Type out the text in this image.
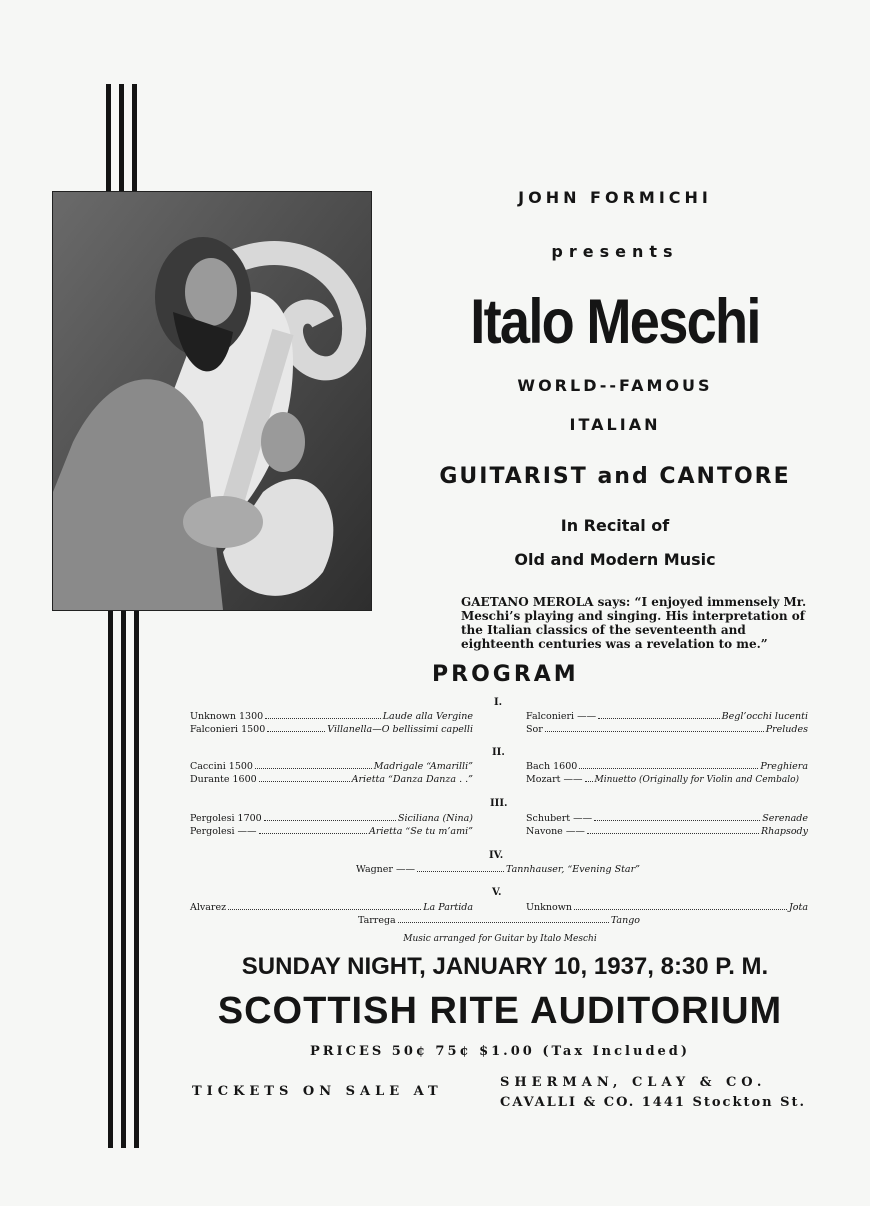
JOHN FORMICHI
presents
Italo Meschi
WORLD--FAMOUS
ITALIAN
GUITARIST and CANTORE
In Recital of
Old and Modern Music
GAETANO MEROLA says: “I enjoyed immensely Mr. Meschi’s playing and singing. His interpretation of the Italian classics of the seventeenth and eighteenth centuries was a revelation to me.”
PROGRAM
I.
II.
III.
IV.
V.
Unknown 1300	Laude alla Vergine
Falconieri 1500	Villanella—O bellissimi capelli
Falconieri ——	Begl’occhi lucenti
Sor	Preludes
Caccini 1500	Madrigale “Amarilli”
Durante 1600	Arietta “Danza Danza . .”
Bach 1600	Preghiera
Mozart —— Minuetto (Originally for Violin and Cembalo)
Pergolesi 1700	Siciliana (Nina)
Pergolesi ——	Arietta “Se tu m’ami”
Schubert ——	Serenade
Navone ——	Rhapsody
Wagner ——	Tannhauser, “Evening Star”
Alvarez	La Partida	Unknown	Jota
Tarrega	Tango
Music arranged for Guitar by Italo Meschi
SUNDAY NIGHT, JANUARY 10, 1937, 8:30 P. M.
SCOTTISH RITE AUDITORIUM
PRICES 50¢ 75¢ $1.00 (Tax Included)
TICKETS ON SALE AT
SHERMAN, CLAY & CO.
CAVALLI & CO. 1441 Stockton St.
